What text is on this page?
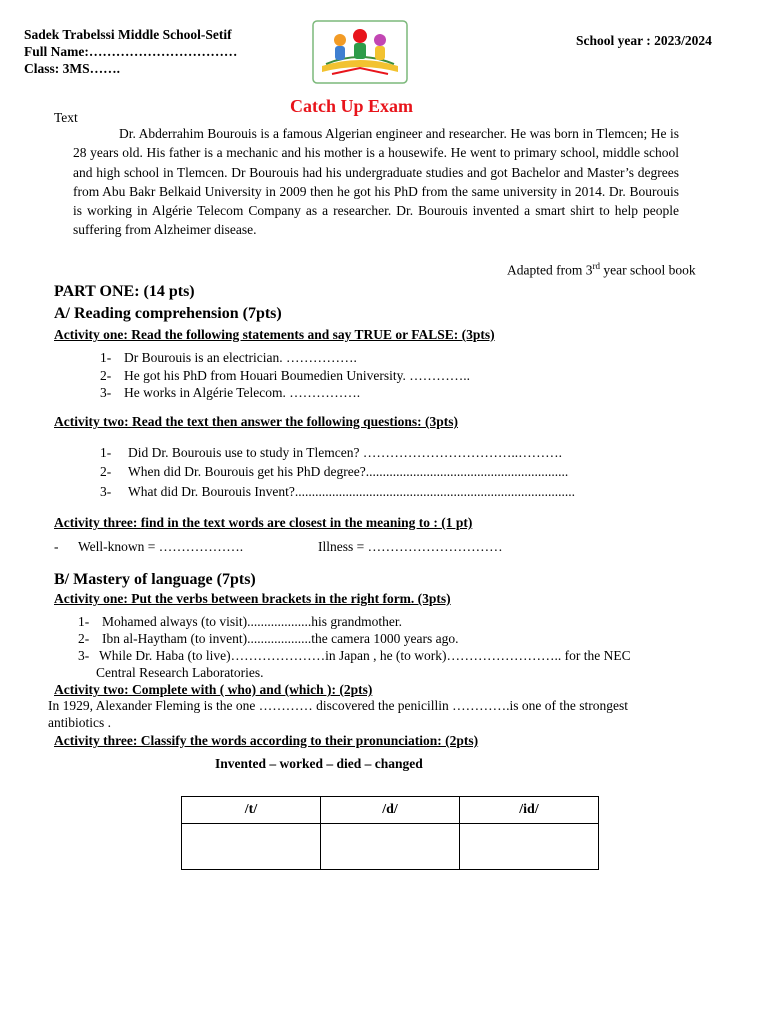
Sadek Trabelssi Middle School-Setif
Full Name:……………………………
Class: 3MS…….
School year : 2023/2024
Catch Up Exam
Text
Dr. Abderrahim Bourouis is a famous Algerian engineer and researcher. He was born in Tlemcen; He is 28 years old. His father is a mechanic and his mother is a housewife. He went to primary school, middle school and high school in Tlemcen. Dr Bourouis had his undergraduate studies and got Bachelor and Master’s degrees from Abu Bakr Belkaid University in 2009 then he got his PhD from the same university in 2014. Dr. Bourouis is working in Algérie Telecom Company as a researcher. Dr. Bourouis invented a smart shirt to help people suffering from Alzheimer disease.
Adapted from 3rd year school book
PART ONE: (14 pts)
A/ Reading comprehension (7pts)
Activity one: Read the following statements and say TRUE or FALSE: (3pts)
1- Dr Bourouis is an electrician. …………….
2- He got his PhD from Houari Boumedien University. …………..
3- He works in Algérie Telecom. …………….
Activity two: Read the text then answer the following questions: (3pts)
1- Did Dr. Bourouis use to study in Tlemcen? ……………………………..……….
2- When did Dr. Bourouis get his PhD degree?............................................................
3- What did Dr. Bourouis Invent?...................................................................................
Activity three: find in the text words are closest in the meaning to : (1 pt)
- Well-known = ……………….	Illness = …………………………
B/ Mastery of language (7pts)
Activity one: Put the verbs between brackets in the right form. (3pts)
1- Mohamed always (to visit)...................his grandmother.
2- Ibn al-Haytham (to invent)...................the camera 1000 years ago.
3- While Dr. Haba (to live)…………………in Japan , he (to work)…………………….. for the NEC
Central Research Laboratories.
Activity two: Complete with ( who) and (which ): (2pts)
In 1929, Alexander Fleming is the one ………… discovered the penicillin ………….is one of the strongest
antibiotics .
Activity three: Classify the words according to their pronunciation: (2pts)
Invented – worked – died – changed
/t/	/d/	/id/
